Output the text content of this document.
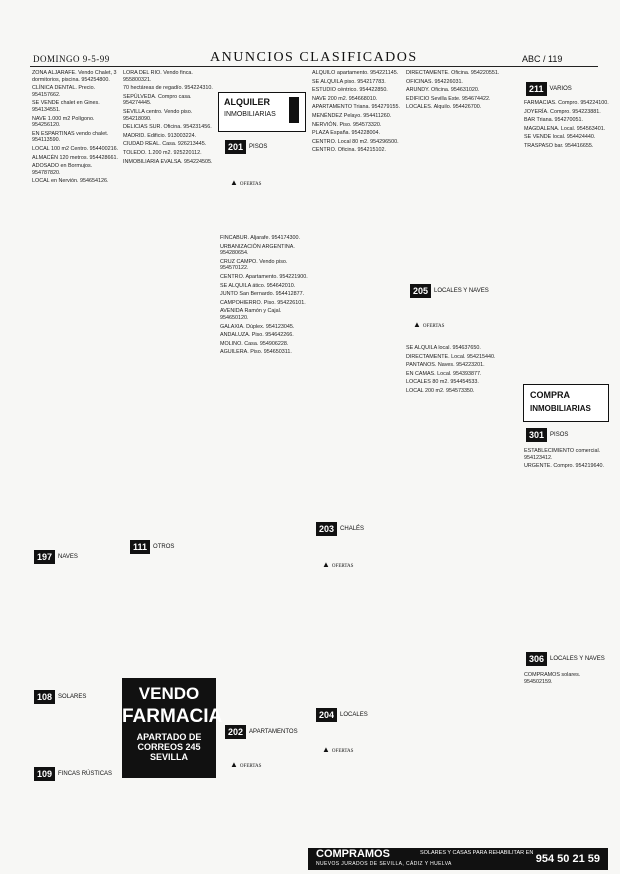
DOMINGO 9-5-99	ANUNCIOS CLASIFICADOS	ABC / 119

ZONA ALJARAFE. Vendo Chalet, 3 dormitorios, piscina. 954254800.

CLÍNICA DENTAL. Precio. 954157662.

SE VENDE chalet en Gines. 954134551.

NAVE 1.000 m2 Polígono. 954256120.

EN ESPARTINAS vendo chalet. 954113590.

LOCAL 100 m2 Centro. 954400216.

ALMACÉN 120 metros. 954428661.

ADOSADO en Bormujos. 954787820.

LOCAL en Nervión. 954654126.

197	NAVES
108	SOLARES
109	FINCAS RÚSTICAS

LORA DEL RÍO. Vendo finca. 955800321.

70 hectáreas de regadío. 954224310.

SEPÚLVEDA. Compro casa. 954274445.

SEVILLA centro. Vendo piso. 954218090.

DELICIAS SUR. Oficina. 954231456.

MADRID. Edificio. 913003224.

CIUDAD REAL. Casa. 926213445.

TOLEDO. 1.200 m2. 925220112.

INMOBILIARIA EVALSA. 954224505.

111	OTROS
VENDO
FARMACIA
APARTADO DE
CORREOS 245
SEVILLA
ALQUILER
INMOBILIARIAS
201	PISOS
▲ OFERTAS

FINCABUR. Aljarafe. 954174300.

URBANIZACIÓN ARGENTINA. 954280654.

CRUZ CAMPO. Vendo piso. 954570122.

CENTRO. Apartamento. 954221900.

SE ALQUILA ático. 954642010.

JUNTO San Bernardo. 954412877.

CAMPOHIERRO. Piso. 954226101.

AVENIDA Ramón y Cajal. 954650120.

GALAXIA. Dúplex. 954123045.

ANDALUZA. Piso. 954642266.

MOLINO. Casa. 954906228.

AGUILERA. Piso. 954650311.

202	APARTAMENTOS
▲ OFERTAS

ALQUILO apartamento. 954221145.

SE ALQUILA piso. 954217783.

ESTUDIO céntrico. 954422850.

NAVE 200 m2. 954668010.

APARTAMENTO Triana. 954279155.

MENÉNDEZ Pelayo. 954411260.

NERVIÓN. Piso. 954573320.

PLAZA España. 954228004.

CENTRO. Local 80 m2. 954296500.

CENTRO. Oficina. 954215102.

203	CHALÉS
▲ OFERTAS
204	LOCALES
▲ OFERTAS
205	LOCALES Y NAVES
▲ OFERTAS

DIRECTAMENTE. Oficina. 954220551.

OFICINAS. 954226031.

ARUNDY. Oficina. 954631020.

EDIFICIO Sevilla Este. 954674422.

LOCALES. Alquilo. 954426700.

SE ALQUILA local. 954637650.

DIRECTAMENTE. Local. 954215440.

PANTANOS. Naves. 954223201.

EN CAMAS. Local. 954393877.

LOCALES 80 m2. 954454533.

LOCAL 200 m2. 954573350.

211	VARIOS

FARMACIAS. Compro. 954224100.

JOYERÍA. Compro. 954223881.

BAR Triana. 954270051.

MAGDALENA. Local. 954563401.

SE VENDE local. 954424440.

TRASPASO bar. 954416655.

COMPRA
INMOBILIARIAS
301	PISOS

ESTABLECIMIENTO comercial. 954123412.

URGENTE. Compro. 954219640.

306	LOCALES Y NAVES

COMPRAMOS solares. 954502159.

COMPRAMOS
NUEVOS JURADOS DE SEVILLA, CÁDIZ Y HUELVA
SOLARES Y CASAS PARA REHABILITAR EN 954 50 21 59
